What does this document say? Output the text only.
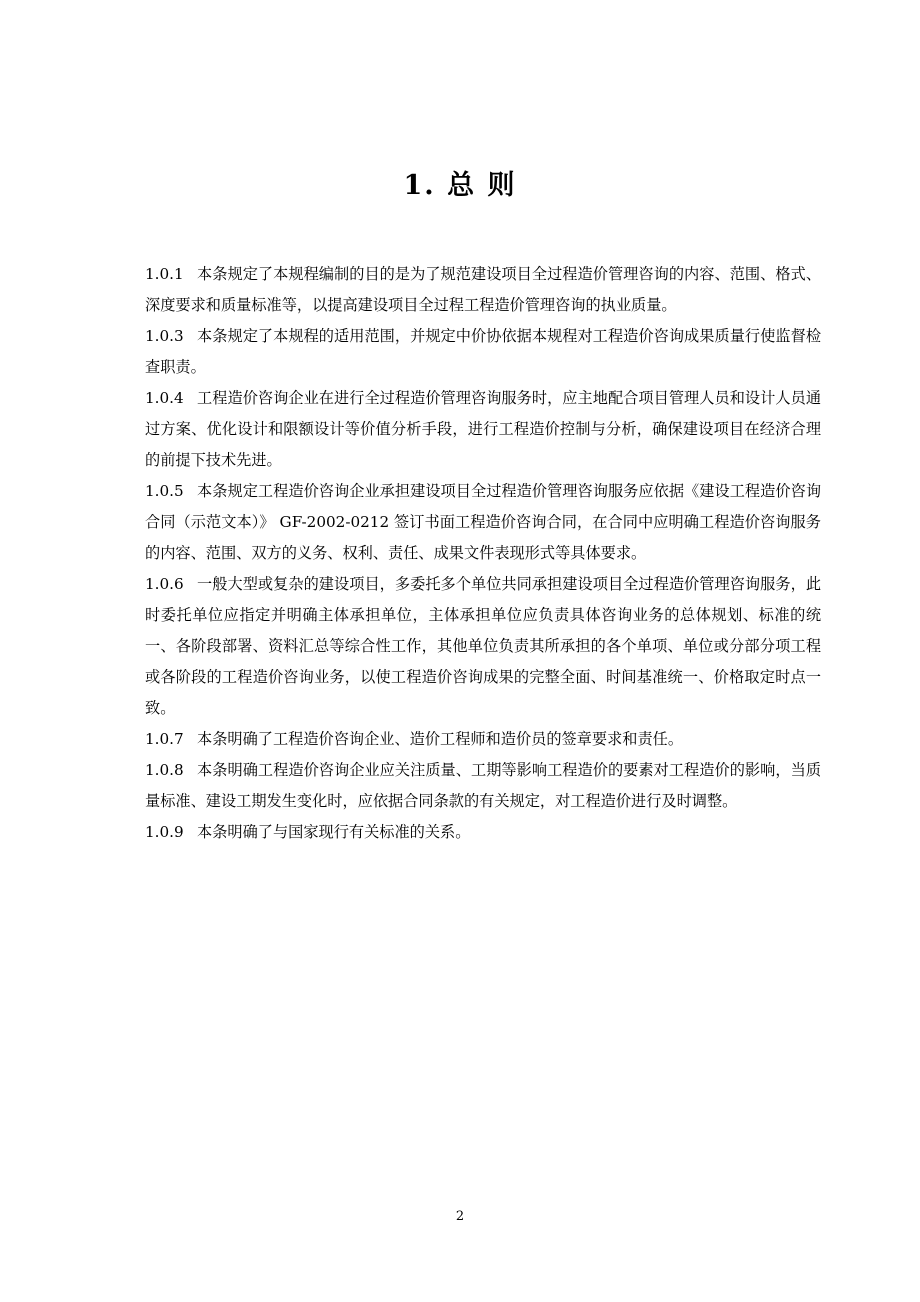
1. 总 则

1.0.1 本条规定了本规程编制的目的是为了规范建设项目全过程造价管理咨询的内容、范围、格式、深度要求和质量标准等，以提高建设项目全过程工程造价管理咨询的执业质量。

1.0.3 本条规定了本规程的适用范围，并规定中价协依据本规程对工程造价咨询成果质量行使监督检查职责。

1.0.4 工程造价咨询企业在进行全过程造价管理咨询服务时，应主地配合项目管理人员和设计人员通过方案、优化设计和限额设计等价值分析手段，进行工程造价控制与分析，确保建设项目在经济合理的前提下技术先进。

1.0.5 本条规定工程造价咨询企业承担建设项目全过程造价管理咨询服务应依据《建设工程造价咨询合同（示范文本）》 GF-2002-0212 签订书面工程造价咨询合同，在合同中应明确工程造价咨询服务的内容、范围、双方的义务、权利、责任、成果文件表现形式等具体要求。

1.0.6 一般大型或复杂的建设项目，多委托多个单位共同承担建设项目全过程造价管理咨询服务，此时委托单位应指定并明确主体承担单位，主体承担单位应负责具体咨询业务的总体规划、标准的统一、各阶段部署、资料汇总等综合性工作，其他单位负责其所承担的各个单项、单位或分部分项工程或各阶段的工程造价咨询业务，以使工程造价咨询成果的完整全面、时间基准统一、价格取定时点一致。

1.0.7 本条明确了工程造价咨询企业、造价工程师和造价员的签章要求和责任。

1.0.8 本条明确工程造价咨询企业应关注质量、工期等影响工程造价的要素对工程造价的影响，当质量标准、建设工期发生变化时，应依据合同条款的有关规定，对工程造价进行及时调整。

1.0.9 本条明确了与国家现行有关标准的关系。

2
